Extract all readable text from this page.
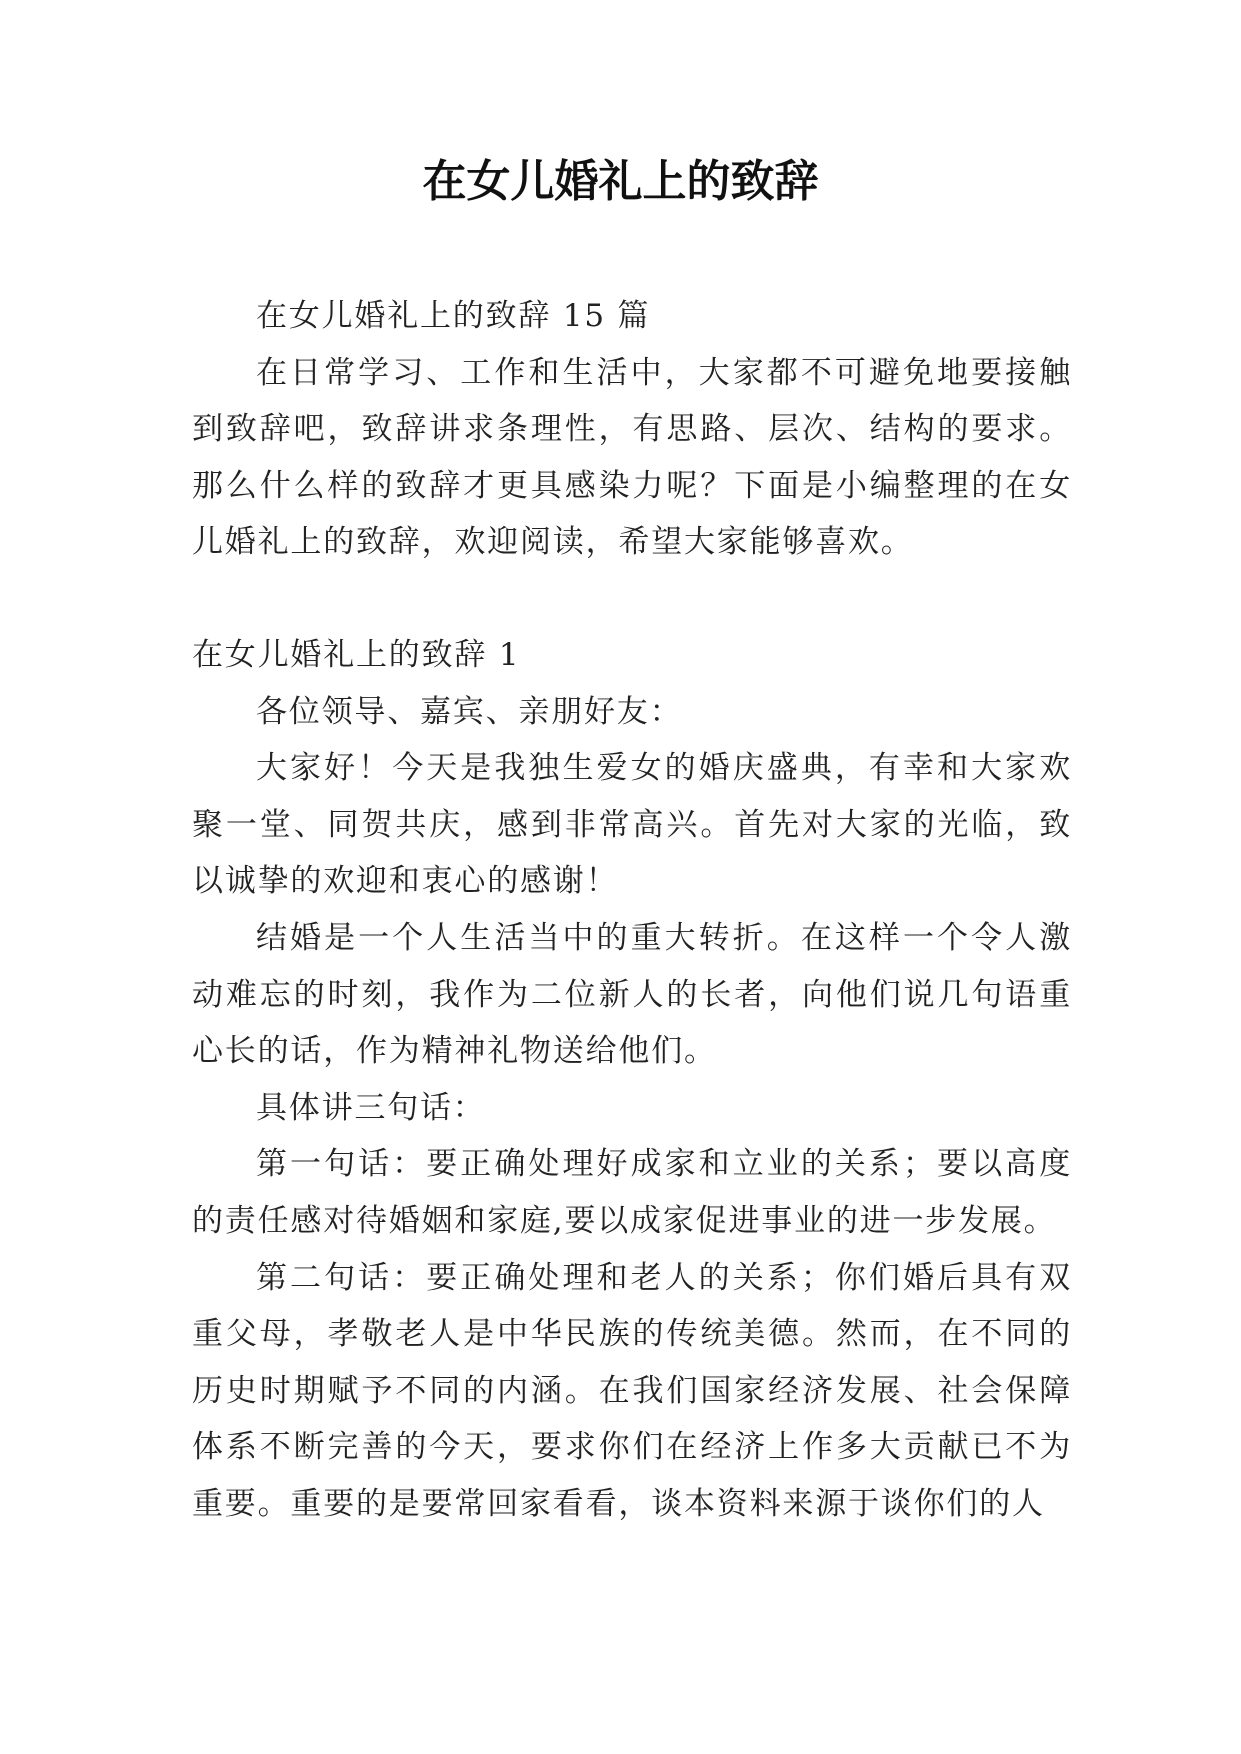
在女儿婚礼上的致辞

在女儿婚礼上的致辞 15 篇

在日常学习、工作和生活中，大家都不可避免地要接触到致辞吧，致辞讲求条理性，有思路、层次、结构的要求。那么什么样的致辞才更具感染力呢？下面是小编整理的在女儿婚礼上的致辞，欢迎阅读，希望大家能够喜欢。

在女儿婚礼上的致辞 1

各位领导、嘉宾、亲朋好友：

大家好！今天是我独生爱女的婚庆盛典，有幸和大家欢聚一堂、同贺共庆，感到非常高兴。首先对大家的光临，致以诚挚的欢迎和衷心的感谢！

结婚是一个人生活当中的重大转折。在这样一个令人激动难忘的时刻，我作为二位新人的长者，向他们说几句语重心长的话，作为精神礼物送给他们。

具体讲三句话：

第一句话：要正确处理好成家和立业的关系；要以高度的责任感对待婚姻和家庭,要以成家促进事业的进一步发展。

第二句话：要正确处理和老人的关系；你们婚后具有双重父母，孝敬老人是中华民族的传统美德。然而，在不同的历史时期赋予不同的内涵。在我们国家经济发展、社会保障体系不断完善的今天，要求你们在经济上作多大贡献已不为重要。重要的是要常回家看看，谈本资料来源于谈你们的人
